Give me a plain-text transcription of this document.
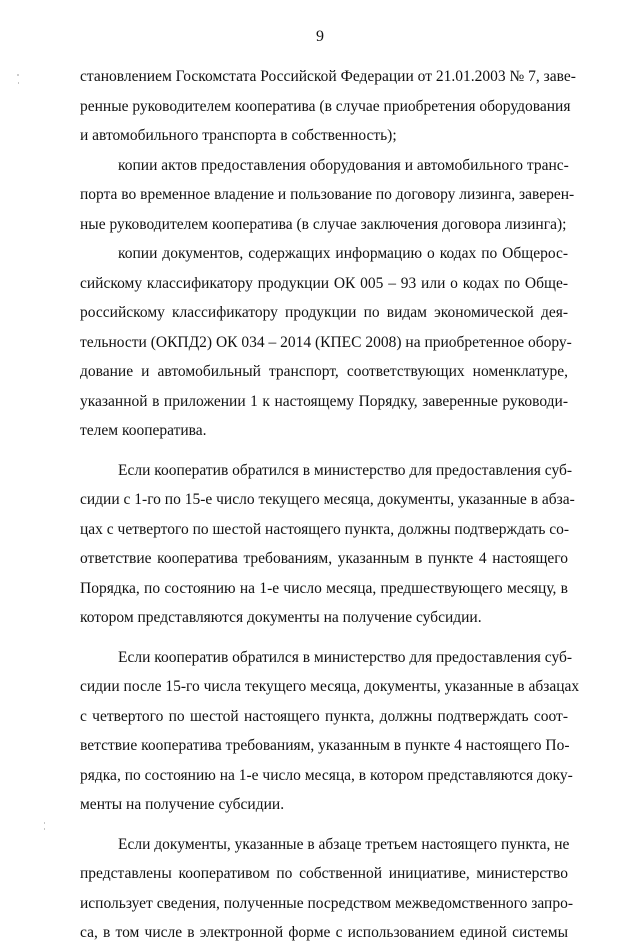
9
становлением Госкомстата Российской Федерации от 21.01.2003 № 7, заве-
ренные руководителем кооператива (в случае приобретения оборудования
и автомобильного транспорта в собственность);
копии актов предоставления оборудования и автомобильного транс-
порта во временное владение и пользование по договору лизинга, заверен-
ные руководителем кооператива (в случае заключения договора лизинга);
копии документов, содержащих информацию о кодах по Общерос-
сийскому классификатору продукции ОК 005 – 93 или о кодах по Обще-
российскому классификатору продукции по видам экономической дея-
тельности (ОКПД2) ОК 034 – 2014 (КПЕС 2008) на приобретенное обору-
дование и автомобильный транспорт, соответствующих номенклатуре,
указанной в приложении 1 к настоящему Порядку, заверенные руководи-
телем кооператива.
Если кооператив обратился в министерство для предоставления суб-
сидии с 1-го по 15-е число текущего месяца, документы, указанные в абза-
цах с четвертого по шестой настоящего пункта, должны подтверждать со-
ответствие кооператива требованиям, указанным в пункте 4 настоящего
Порядка, по состоянию на 1-е число месяца, предшествующего месяцу, в
котором представляются документы на получение субсидии.
Если кооператив обратился в министерство для предоставления суб-
сидии после 15-го числа текущего месяца, документы, указанные в абзацах
с четвертого по шестой настоящего пункта, должны подтверждать соот-
ветствие кооператива требованиям, указанным в пункте 4 настоящего По-
рядка, по состоянию на 1-е число месяца, в котором представляются доку-
менты на получение субсидии.
Если документы, указанные в абзаце третьем настоящего пункта, не
представлены кооперативом по собственной инициативе, министерство
использует сведения, полученные посредством межведомственного запро-
са, в том числе в электронной форме с использованием единой системы
